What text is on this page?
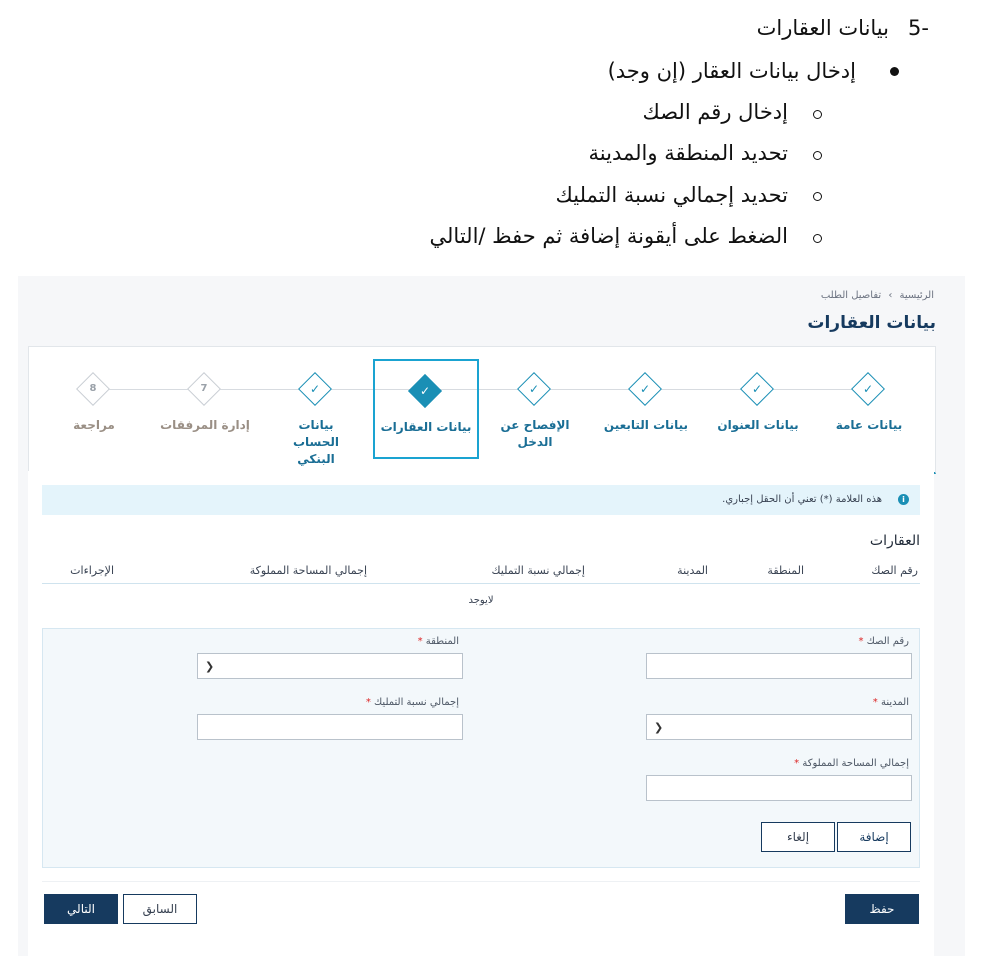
-5
بيانات العقارات
إدخال بيانات العقار (إن وجد)
إدخال رقم الصك
تحديد المنطقة والمدينة
تحديد إجمالي نسبة التمليك
الضغط على أيقونة إضافة ثم حفظ /التالي
الرئيسية › تفاصيل الطلب
بيانات العقارات
✓
بيانات عامة
✓
بيانات العنوان
✓
بيانات التابعين
✓
الإفصاح عن الدخل
✓
بيانات العقارات
✓
بيانات الحساب البنكي
7
إدارة المرفقات
8
مراجعة
i
هذه العلامة (*) تعني أن الحقل إجباري.
العقارات
رقم الصك
المنطقة
المدينة
إجمالي نسبة التمليك
إجمالي المساحة المملوكة
الإجراءات
لايوجد
رقم الصك *
المنطقة *
❯
المدينة *
❯
إجمالي نسبة التمليك *
إجمالي المساحة المملوكة *
إضافة
إلغاء
حفظ
التالي	السابق
